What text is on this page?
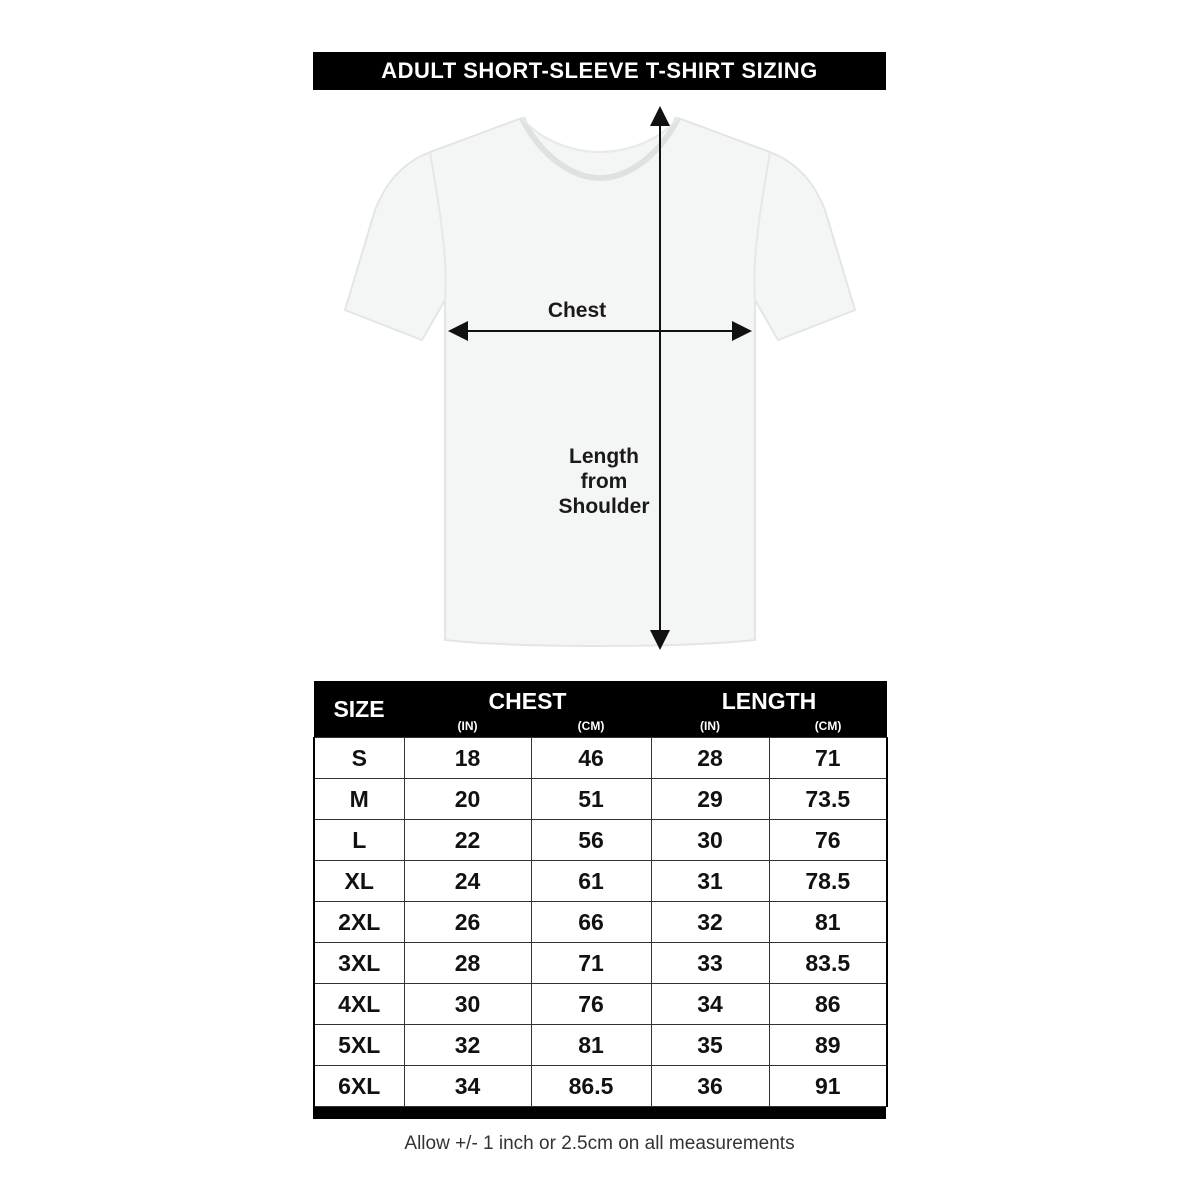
ADULT SHORT-SLEEVE T-SHIRT SIZING
Chest
Length
from
Shoulder
SIZE	CHEST		LENGTH	
	(IN)	(CM)	(IN)	(CM)
S	18	46	28	71
M	20	51	29	73.5
L	22	56	30	76
XL	24	61	31	78.5
2XL	26	66	32	81
3XL	28	71	33	83.5
4XL	30	76	34	86
5XL	32	81	35	89
6XL	34	86.5	36	91
Allow +/- 1 inch or 2.5cm on all measurements
